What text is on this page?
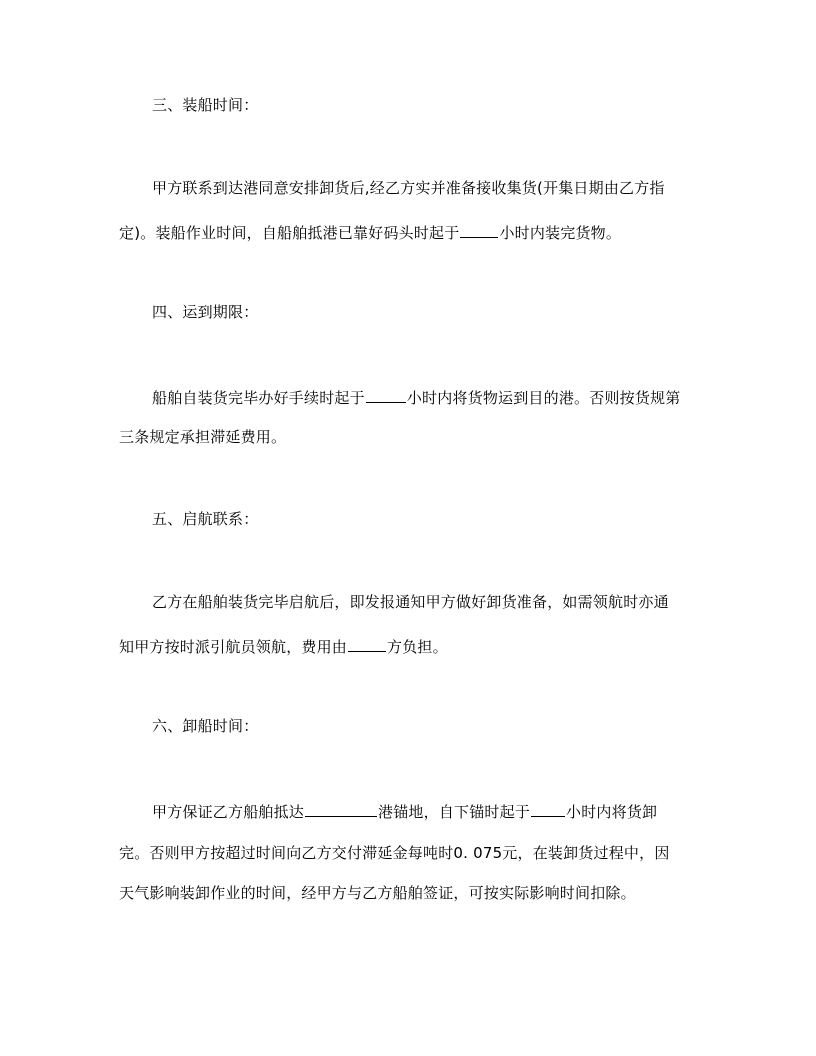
三、装船时间：
甲方联系到达港同意安排卸货后,经乙方实并准备接收集货(开集日期由乙方指
定)。装船作业时间，自船舶抵港已靠好码头时起于	小时内装完货物。
四、运到期限：
船舶自装货完毕办好手续时起于	小时内将货物运到目的港。否则按货规第
三条规定承担滞延费用。
五、启航联系：
乙方在船舶装货完毕启航后，即发报通知甲方做好卸货准备，如需领航时亦通
知甲方按时派引航员领航，费用由	方负担。
六、卸船时间：
甲方保证乙方船舶抵达	港锚地，自下锚时起于 小时内将货卸
完。否则甲方按超过时间向乙方交付滞延金每吨时0. 075元，在装卸货过程中，因
天气影响装卸作业的时间，经甲方与乙方船舶签证，可按实际影响时间扣除。
